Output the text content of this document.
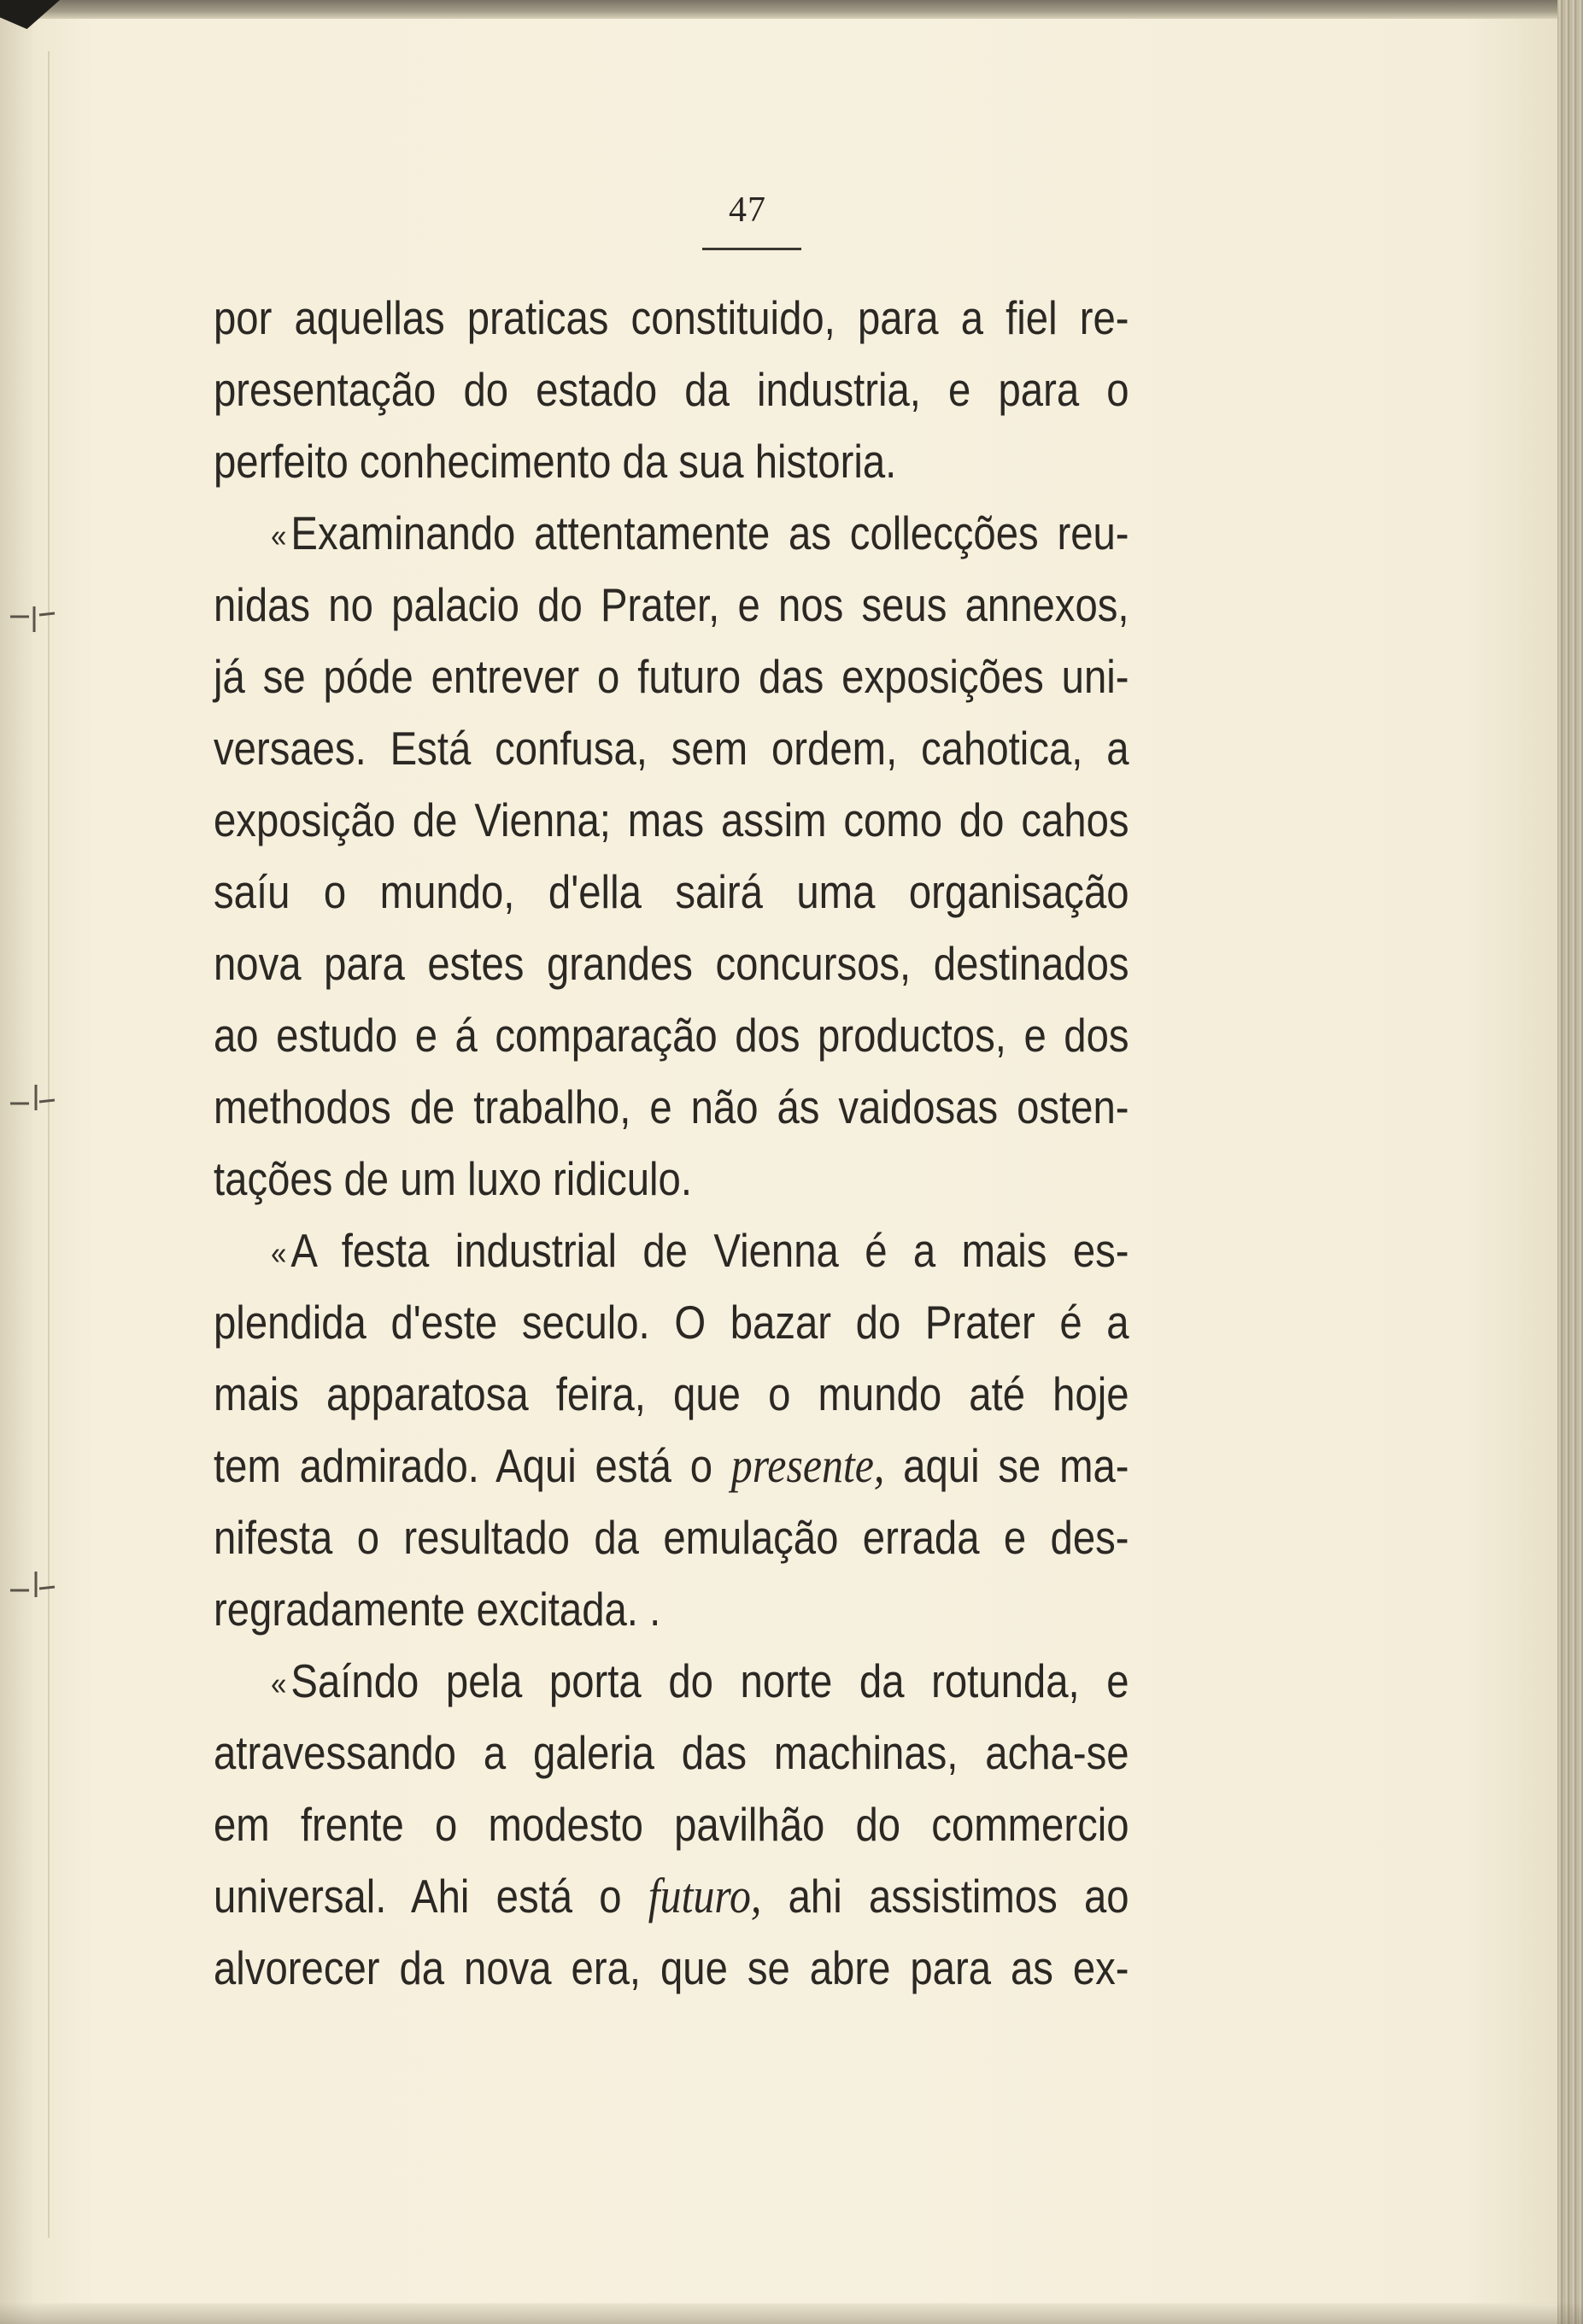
47
por aquellas praticas constituido, para a fiel re-
presentação do estado da industria, e para o
perfeito conhecimento da sua historia.
«Examinando attentamente as collecções reu-
nidas no palacio do Prater, e nos seus annexos,
já se póde entrever o futuro das exposições uni-
versaes. Está confusa, sem ordem, cahotica, a
exposição de Vienna; mas assim como do cahos
saíu o mundo, d'ella sairá uma organisação
nova para estes grandes concursos, destinados
ao estudo e á comparação dos productos, e dos
methodos de trabalho, e não ás vaidosas osten-
tações de um luxo ridiculo.
«A festa industrial de Vienna é a mais es-
plendida d'este seculo. O bazar do Prater é a
mais apparatosa feira, que o mundo até hoje
tem admirado. Aqui está o presente, aqui se ma-
nifesta o resultado da emulação errada e des-
regradamente excitada. .
«Saíndo pela porta do norte da rotunda, e
atravessando a galeria das machinas, acha-se
em frente o modesto pavilhão do commercio
universal. Ahi está o futuro, ahi assistimos ao
alvorecer da nova era, que se abre para as ex-
